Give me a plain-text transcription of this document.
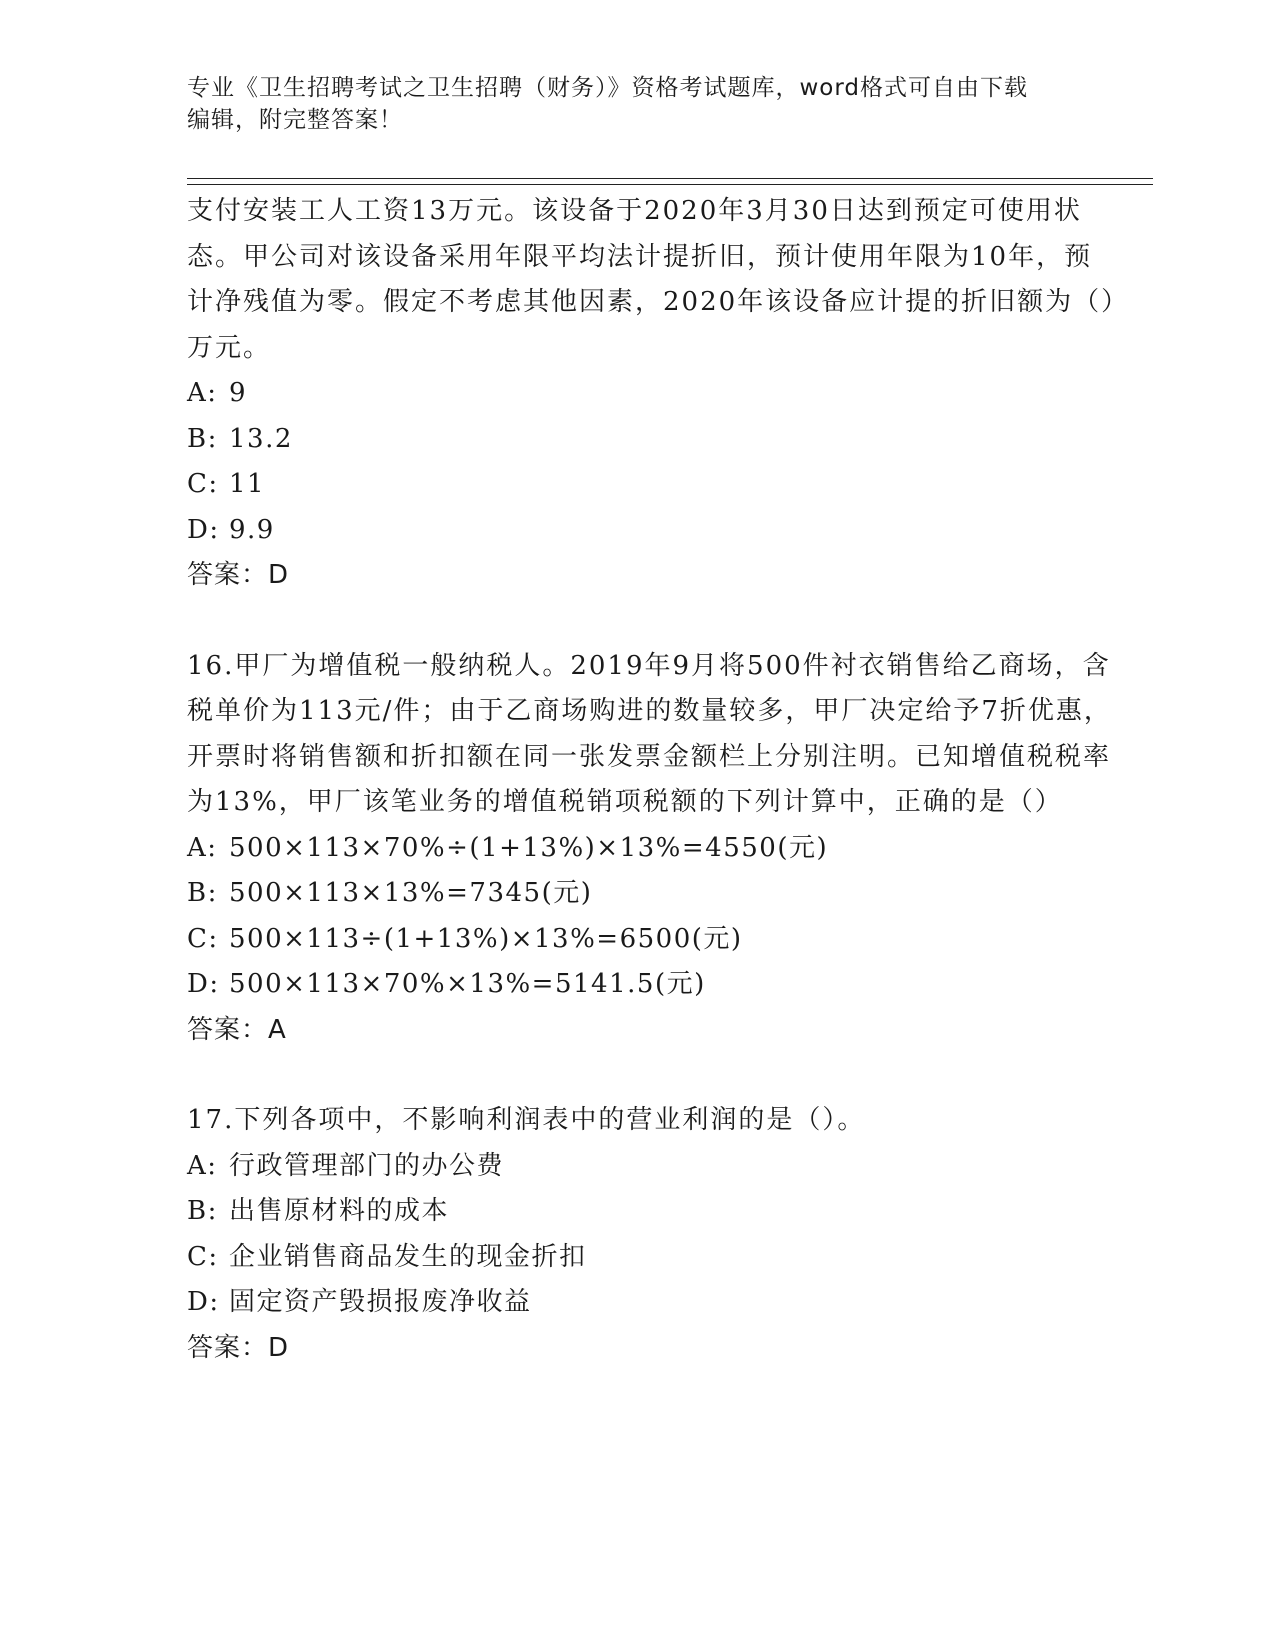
专业《卫生招聘考试之卫生招聘（财务）》资格考试题库，word格式可自由下载
编辑，附完整答案！

支付安装工人工资13万元。该设备于2020年3月30日达到预定可使用状态。甲公司对该设备采用年限平均法计提折旧，预计使用年限为10年，预计净残值为零。假定不考虑其他因素，2020年该设备应计提的折旧额为（）万元。

A: 9

B: 13.2

C: 11

D: 9.9

答案：D

16.甲厂为增值税一般纳税人。2019年9月将500件衬衣销售给乙商场，含税单价为113元/件；由于乙商场购进的数量较多，甲厂决定给予7折优惠，开票时将销售额和折扣额在同一张发票金额栏上分别注明。已知增值税税率为13%，甲厂该笔业务的增值税销项税额的下列计算中，正确的是（）

A: 500×113×70%÷(1+13%)×13%=4550(元)

B: 500×113×13%=7345(元)

C: 500×113÷(1+13%)×13%=6500(元)

D: 500×113×70%×13%=5141.5(元)

答案：A

17.下列各项中，不影响利润表中的营业利润的是（）。

A: 行政管理部门的办公费

B: 出售原材料的成本

C: 企业销售商品发生的现金折扣

D: 固定资产毁损报废净收益

答案：D
